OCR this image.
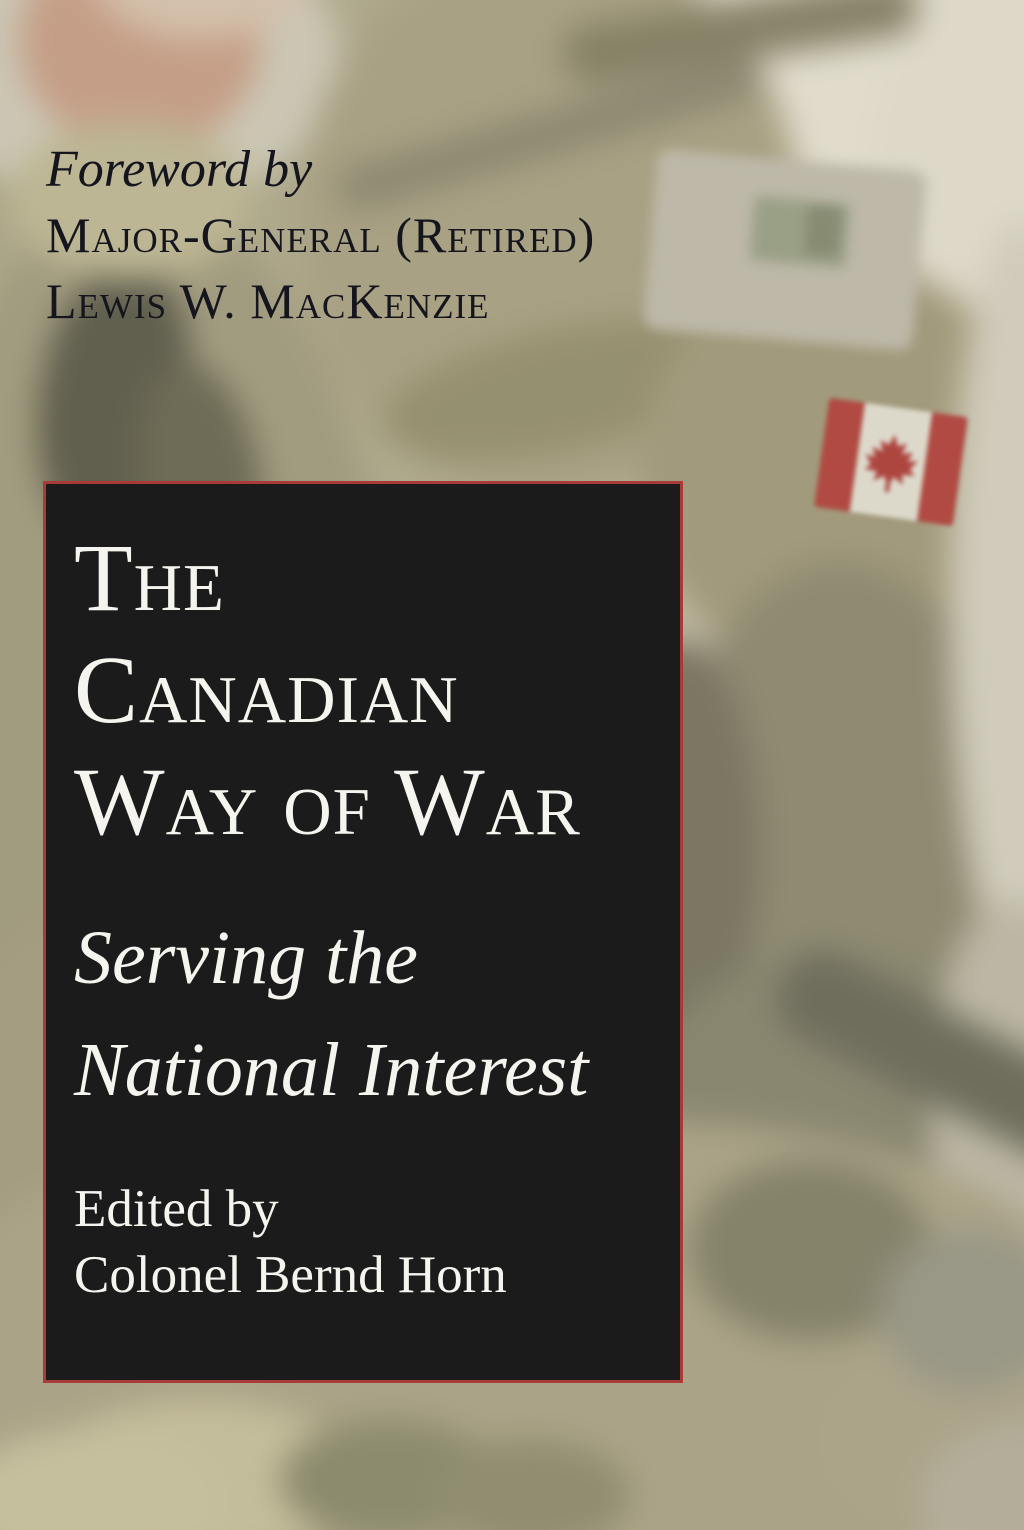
Foreword by
Major-General (Retired)
Lewis W. MacKenzie
The
Canadian
Way of War
Serving the
National Interest
Edited by
Colonel Bernd Horn
